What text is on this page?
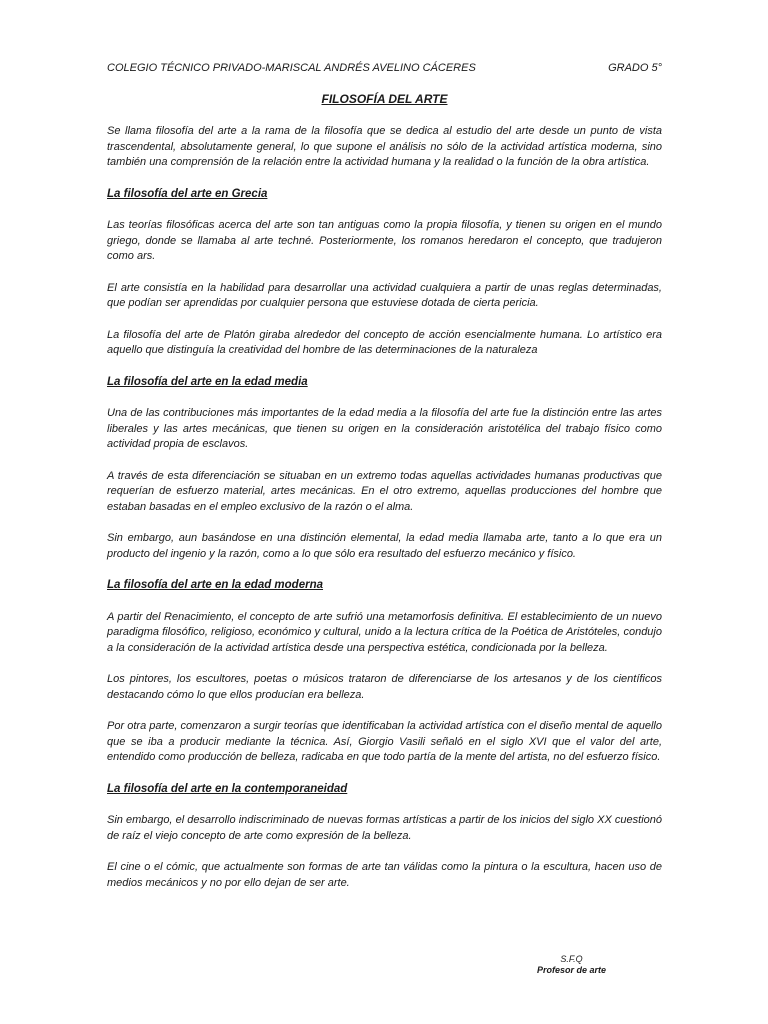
COLEGIO TÉCNICO PRIVADO-MARISCAL ANDRÉS AVELINO CÁCERES	GRADO 5°
FILOSOFÍA DEL ARTE

Se llama filosofía del arte a la rama de la filosofía que se dedica al estudio del arte desde un punto de vista trascendental, absolutamente general, lo que supone el análisis no sólo de la actividad artística moderna, sino también una comprensión de la relación entre la actividad humana y la realidad o la función de la obra artística.

La filosofía del arte en Grecia

Las teorías filosóficas acerca del arte son tan antiguas como la propia filosofía, y tienen su origen en el mundo griego, donde se llamaba al arte techné. Posteriormente, los romanos heredaron el concepto, que tradujeron como ars.

El arte consistía en la habilidad para desarrollar una actividad cualquiera a partir de unas reglas determinadas, que podían ser aprendidas por cualquier persona que estuviese dotada de cierta pericia.

La filosofía del arte de Platón giraba alrededor del concepto de acción esencialmente humana. Lo artístico era aquello que distinguía la creatividad del hombre de las determinaciones de la naturaleza

La filosofía del arte en la edad media

Una de las contribuciones más importantes de la edad media a la filosofía del arte fue la distinción entre las artes liberales y las artes mecánicas, que tienen su origen en la consideración aristotélica del trabajo físico como actividad propia de esclavos.

A través de esta diferenciación se situaban en un extremo todas aquellas actividades humanas productivas que requerían de esfuerzo material, artes mecánicas. En el otro extremo, aquellas producciones del hombre que estaban basadas en el empleo exclusivo de la razón o el alma.

Sin embargo, aun basándose en una distinción elemental, la edad media llamaba arte, tanto a lo que era un producto del ingenio y la razón, como a lo que sólo era resultado del esfuerzo mecánico y físico.

La filosofía del arte en la edad moderna

A partir del Renacimiento, el concepto de arte sufrió una metamorfosis definitiva. El establecimiento de un nuevo paradigma filosófico, religioso, económico y cultural, unido a la lectura crítica de la Poética de Aristóteles, condujo a la consideración de la actividad artística desde una perspectiva estética, condicionada por la belleza.

Los pintores, los escultores, poetas o músicos trataron de diferenciarse de los artesanos y de los científicos destacando cómo lo que ellos producían era belleza.

Por otra parte, comenzaron a surgir teorías que identificaban la actividad artística con el diseño mental de aquello que se iba a producir mediante la técnica. Así, Giorgio Vasili señaló en el siglo XVI que el valor del arte, entendido como producción de belleza, radicaba en que todo partía de la mente del artista, no del esfuerzo físico.

La filosofía del arte en la contemporaneidad

Sin embargo, el desarrollo indiscriminado de nuevas formas artísticas a partir de los inicios del siglo XX cuestionó de raíz el viejo concepto de arte como expresión de la belleza.

El cine o el cómic, que actualmente son formas de arte tan válidas como la pintura o la escultura, hacen uso de medios mecánicos y no por ello dejan de ser arte.

S.F.Q
Profesor de arte
